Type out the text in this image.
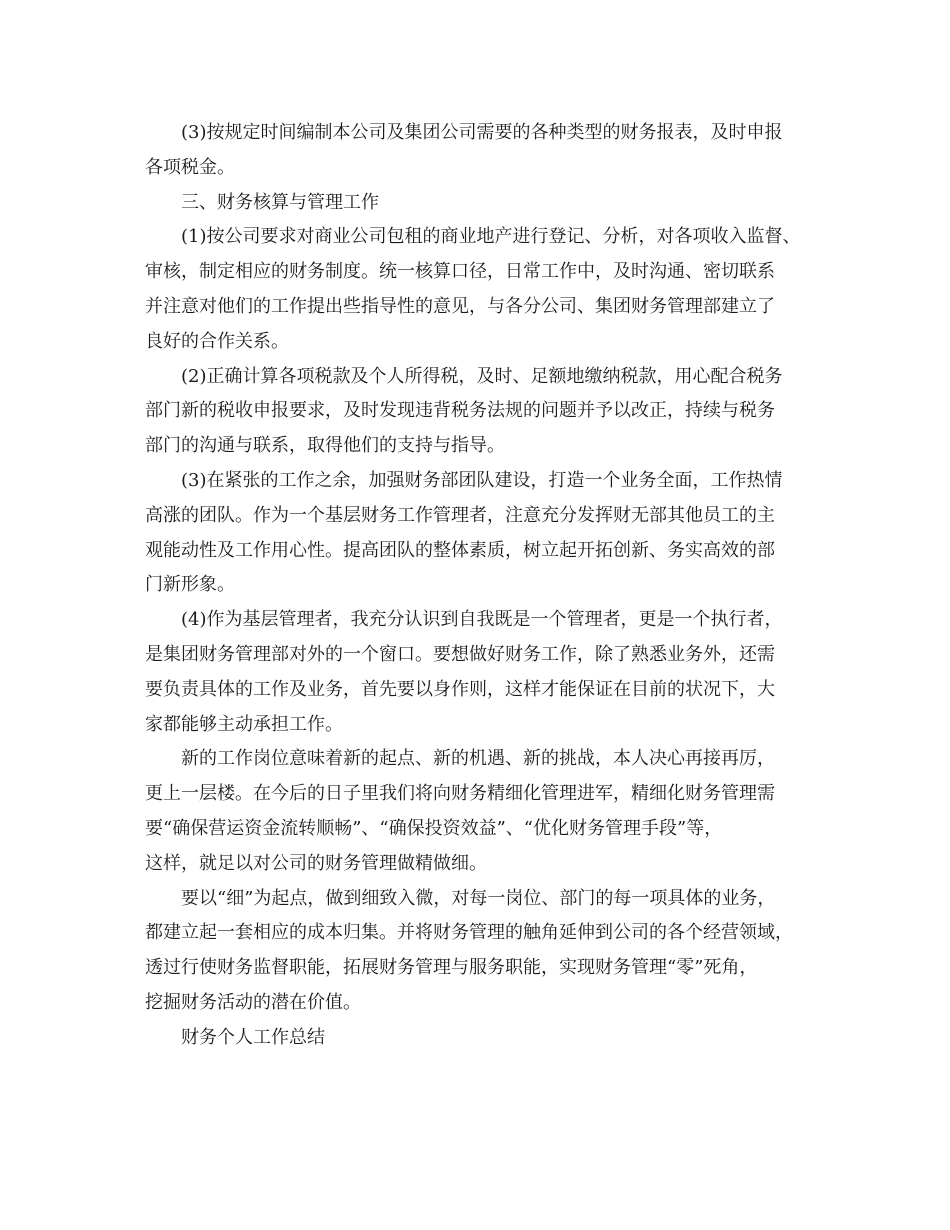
(3)按规定时间编制本公司及集团公司需要的各种类型的财务报表，及时申报
各项税金。
三、财务核算与管理工作
(1)按公司要求对商业公司包租的商业地产进行登记、分析，对各项收入监督、
审核，制定相应的财务制度。统一核算口径，日常工作中，及时沟通、密切联系
并注意对他们的工作提出些指导性的意见，与各分公司、集团财务管理部建立了
良好的合作关系。
(2)正确计算各项税款及个人所得税，及时、足额地缴纳税款，用心配合税务
部门新的税收申报要求，及时发现违背税务法规的问题并予以改正，持续与税务
部门的沟通与联系，取得他们的支持与指导。
(3)在紧张的工作之余，加强财务部团队建设，打造一个业务全面，工作热情
高涨的团队。作为一个基层财务工作管理者，注意充分发挥财无部其他员工的主
观能动性及工作用心性。提高团队的整体素质，树立起开拓创新、务实高效的部
门新形象。
(4)作为基层管理者，我充分认识到自我既是一个管理者，更是一个执行者，
是集团财务管理部对外的一个窗口。要想做好财务工作，除了熟悉业务外，还需
要负责具体的工作及业务，首先要以身作则，这样才能保证在目前的状况下，大
家都能够主动承担工作。
新的工作岗位意味着新的起点、新的机遇、新的挑战，本人决心再接再厉，
更上一层楼。在今后的日子里我们将向财务精细化管理进军，精细化财务管理需
要“确保营运资金流转顺畅”、“确保投资效益”、“优化财务管理手段”等，
这样，就足以对公司的财务管理做精做细。
要以“细”为起点，做到细致入微，对每一岗位、部门的每一项具体的业务，
都建立起一套相应的成本归集。并将财务管理的触角延伸到公司的各个经营领域，
透过行使财务监督职能，拓展财务管理与服务职能，实现财务管理“零”死角，
挖掘财务活动的潜在价值。
财务个人工作总结
